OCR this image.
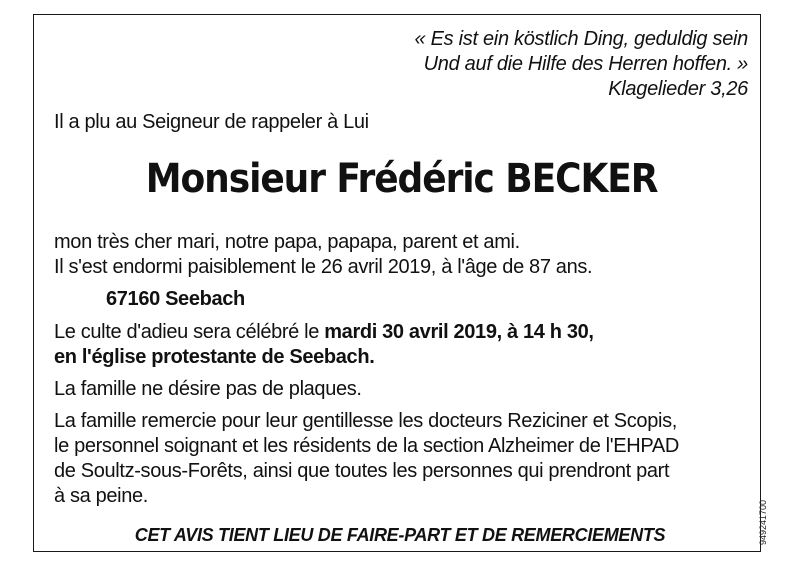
« Es ist ein köstlich Ding, geduldig sein
Und auf die Hilfe des Herren hoffen. »
Klagelieder 3,26
Il a plu au Seigneur de rappeler à Lui
Monsieur Frédéric BECKER
mon très cher mari, notre papa, papapa, parent et ami.
Il s'est endormi paisiblement le 26 avril 2019, à l'âge de 87 ans.
67160 Seebach
Le culte d'adieu sera célébré le mardi 30 avril 2019, à 14 h 30,
en l'église protestante de Seebach.
La famille ne désire pas de plaques.
La famille remercie pour leur gentillesse les docteurs Reziciner et Scopis,
le personnel soignant et les résidents de la section Alzheimer de l'EHPAD
de Soultz-sous-Forêts, ainsi que toutes les personnes qui prendront part
à sa peine.
CET AVIS TIENT LIEU DE FAIRE-PART ET DE REMERCIEMENTS	949241700
